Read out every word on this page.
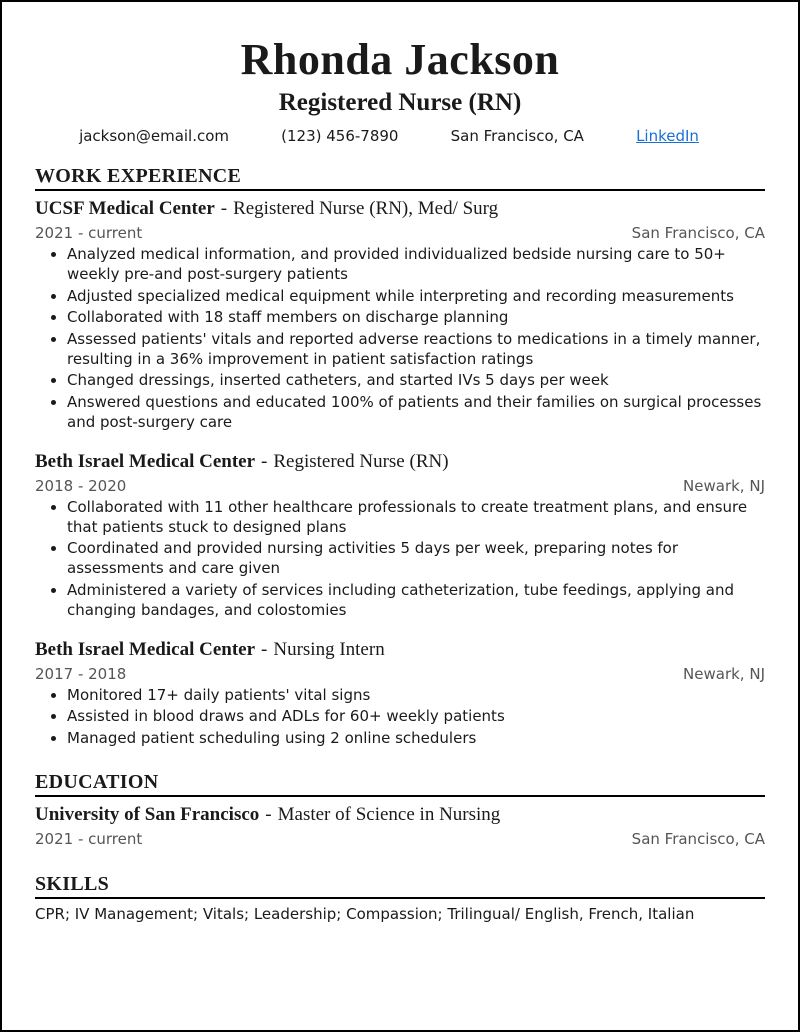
Rhonda Jackson
Registered Nurse (RN)
jackson@email.com	(123) 456-7890	San Francisco, CA	LinkedIn
WORK EXPERIENCE
UCSF Medical Center - Registered Nurse (RN), Med/ Surg
2021 - current	San Francisco, CA
• Analyzed medical information, and provided individualized bedside nursing care to 50+ weekly pre-and post-surgery patients
• Adjusted specialized medical equipment while interpreting and recording measurements
• Collaborated with 18 staff members on discharge planning
• Assessed patients' vitals and reported adverse reactions to medications in a timely manner, resulting in a 36% improvement in patient satisfaction ratings
• Changed dressings, inserted catheters, and started IVs 5 days per week
• Answered questions and educated 100% of patients and their families on surgical processes and post-surgery care
Beth Israel Medical Center - Registered Nurse (RN)
2018 - 2020	Newark, NJ
• Collaborated with 11 other healthcare professionals to create treatment plans, and ensure that patients stuck to designed plans
• Coordinated and provided nursing activities 5 days per week, preparing notes for assessments and care given
• Administered a variety of services including catheterization, tube feedings, applying and changing bandages, and colostomies
Beth Israel Medical Center - Nursing Intern
2017 - 2018	Newark, NJ
• Monitored 17+ daily patients' vital signs
• Assisted in blood draws and ADLs for 60+ weekly patients
• Managed patient scheduling using 2 online schedulers
EDUCATION
University of San Francisco - Master of Science in Nursing
2021 - current	San Francisco, CA
SKILLS
CPR; IV Management; Vitals; Leadership; Compassion; Trilingual/ English, French, Italian
